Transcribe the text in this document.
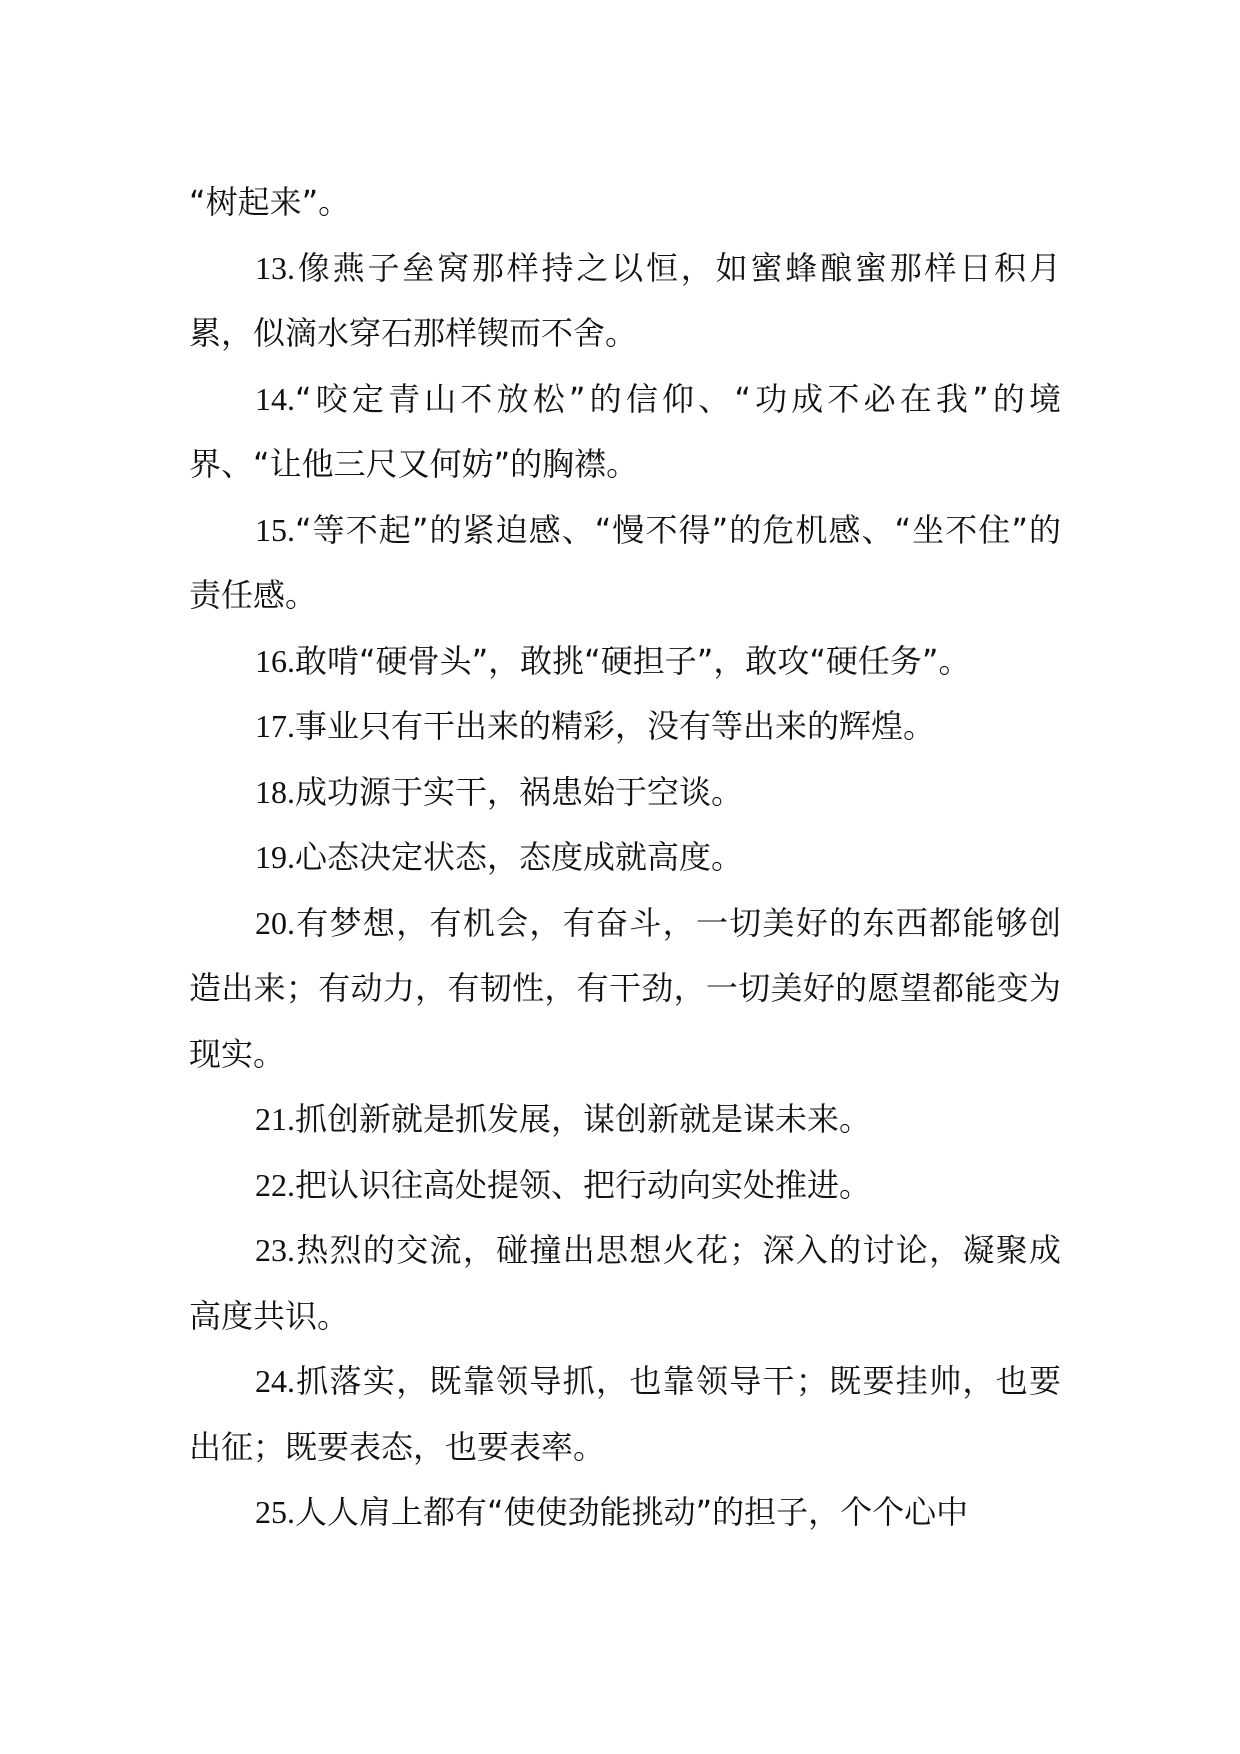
“树起来”。

13.像燕子垒窝那样持之以恒，如蜜蜂酿蜜那样日积月累，似滴水穿石那样锲而不舍。

14.“咬定青山不放松”的信仰、“功成不必在我”的境界、“让他三尺又何妨”的胸襟。

15.“等不起”的紧迫感、“慢不得”的危机感、“坐不住”的责任感。

16.敢啃“硬骨头”，敢挑“硬担子”，敢攻“硬任务”。

17.事业只有干出来的精彩，没有等出来的辉煌。

18.成功源于实干，祸患始于空谈。

19.心态决定状态，态度成就高度。

20.有梦想，有机会，有奋斗，一切美好的东西都能够创造出来；有动力，有韧性，有干劲，一切美好的愿望都能变为现实。

21.抓创新就是抓发展，谋创新就是谋未来。

22.把认识往高处提领、把行动向实处推进。

23.热烈的交流，碰撞出思想火花；深入的讨论，凝聚成高度共识。

24.抓落实，既靠领导抓，也靠领导干；既要挂帅，也要出征；既要表态，也要表率。

25.人人肩上都有“使使劲能挑动”的担子，个个心中
